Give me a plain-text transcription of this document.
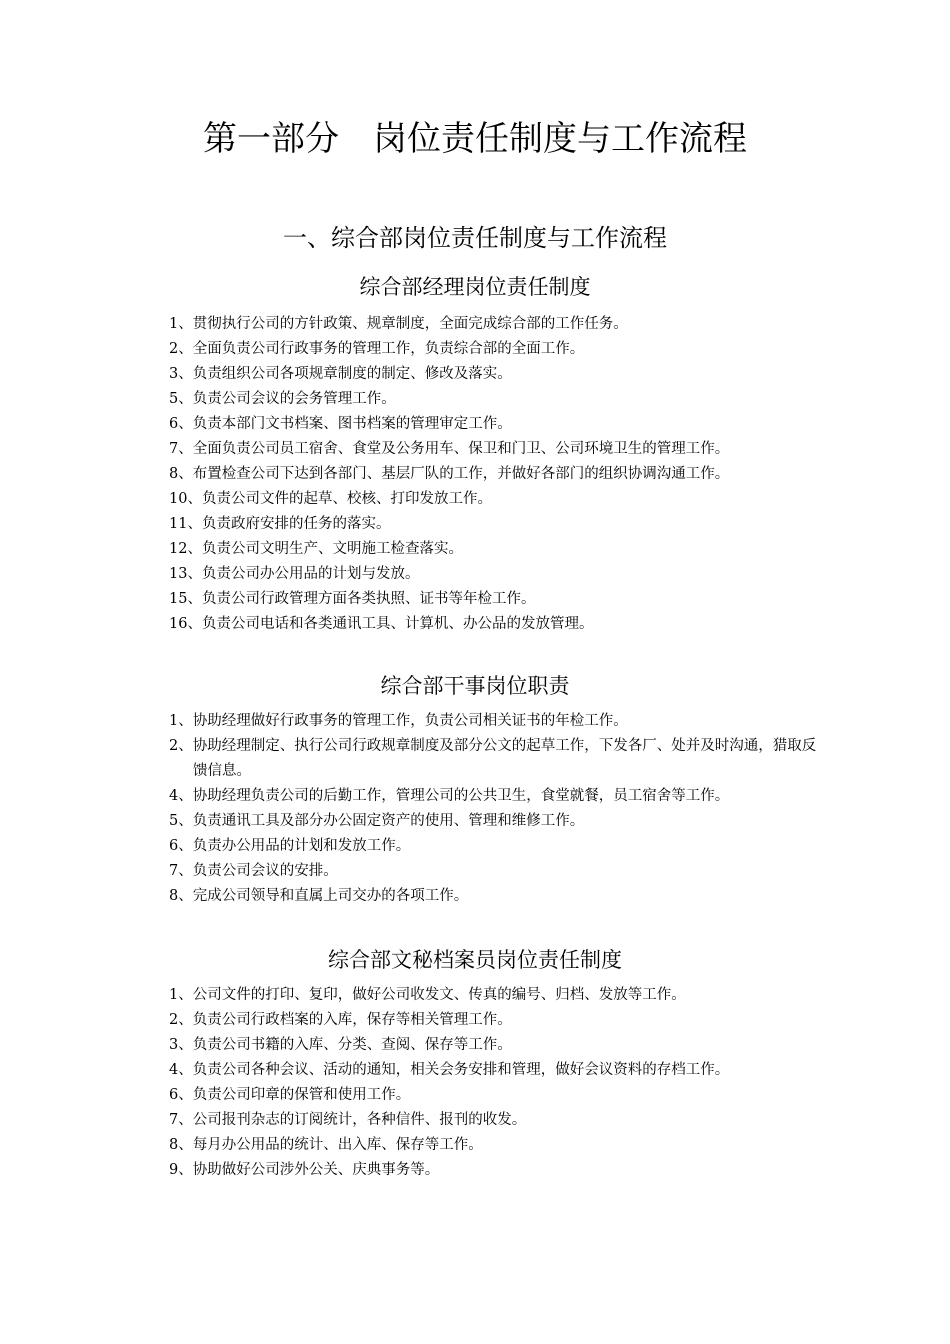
第一部分　岗位责任制度与工作流程
一、综合部岗位责任制度与工作流程
综合部经理岗位责任制度
1、贯彻执行公司的方针政策、规章制度，全面完成综合部的工作任务。
2、全面负责公司行政事务的管理工作，负责综合部的全面工作。
3、负责组织公司各项规章制度的制定、修改及落实。
5、负责公司会议的会务管理工作。
6、负责本部门文书档案、图书档案的管理审定工作。
7、全面负责公司员工宿舍、食堂及公务用车、保卫和门卫、公司环境卫生的管理工作。
8、布置检查公司下达到各部门、基层厂队的工作，并做好各部门的组织协调沟通工作。
10、负责公司文件的起草、校核、打印发放工作。
11、负责政府安排的任务的落实。
12、负责公司文明生产、文明施工检查落实。
13、负责公司办公用品的计划与发放。
15、负责公司行政管理方面各类执照、证书等年检工作。
16、负责公司电话和各类通讯工具、计算机、办公品的发放管理。
综合部干事岗位职责
1、协助经理做好行政事务的管理工作，负责公司相关证书的年检工作。
2、协助经理制定、执行公司行政规章制度及部分公文的起草工作，下发各厂、处并及时沟通，猎取反馈信息。
4、协助经理负责公司的后勤工作，管理公司的公共卫生，食堂就餐，员工宿舍等工作。
5、负责通讯工具及部分办公固定资产的使用、管理和维修工作。
6、负责办公用品的计划和发放工作。
7、负责公司会议的安排。
8、完成公司领导和直属上司交办的各项工作。
综合部文秘档案员岗位责任制度
1、公司文件的打印、复印，做好公司收发文、传真的编号、归档、发放等工作。
2、负责公司行政档案的入库，保存等相关管理工作。
3、负责公司书籍的入库、分类、查阅、保存等工作。
4、负责公司各种会议、活动的通知，相关会务安排和管理，做好会议资料的存档工作。
6、负责公司印章的保管和使用工作。
7、公司报刊杂志的订阅统计，各种信件、报刊的收发。
8、每月办公用品的统计、出入库、保存等工作。
9、协助做好公司涉外公关、庆典事务等。
